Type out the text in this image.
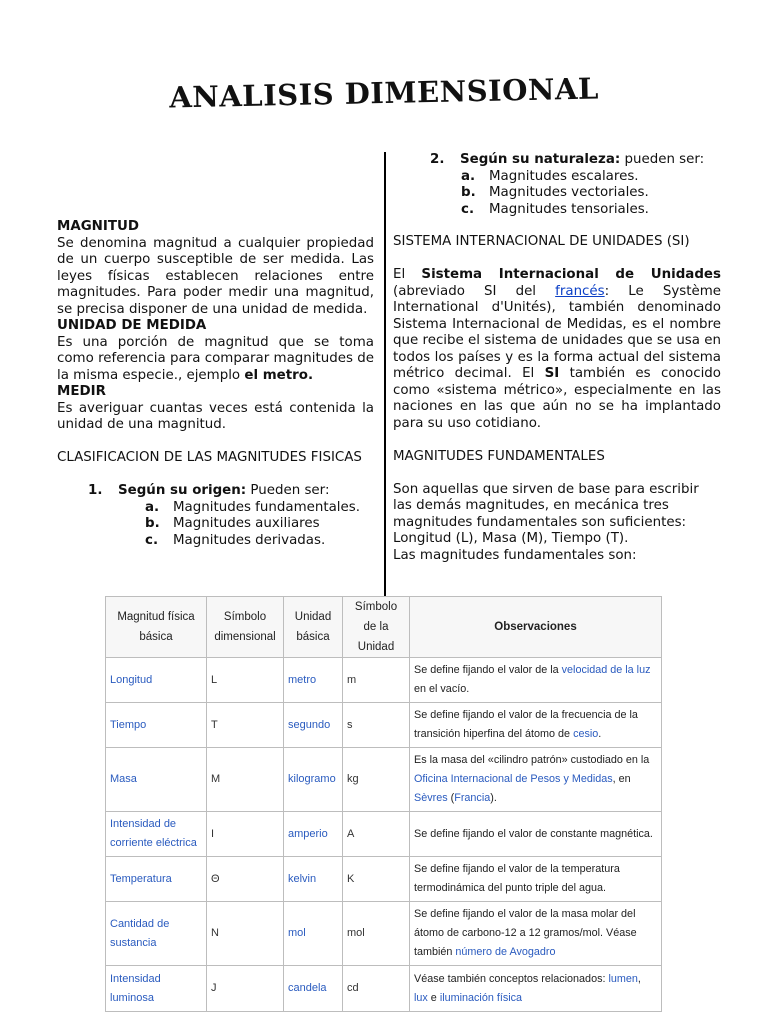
ANALISIS DIMENSIONAL
2.	Según su naturaleza: pueden ser:
a.	Magnitudes escalares.
b. Magnitudes vectoriales.
c.	Magnitudes tensoriales.

MAGNITUD

Se denomina magnitud a cualquier propiedad de un cuerpo susceptible de ser medida. Las leyes físicas establecen relaciones entre magnitudes. Para poder medir una magnitud, se precisa disponer de una unidad de medida.

UNIDAD DE MEDIDA

Es una porción de magnitud que se toma como referencia para comparar magnitudes de la misma especie., ejemplo el metro.

MEDIR

Es averiguar cuantas veces está contenida la unidad de una magnitud.

CLASIFICACION DE LAS MAGNITUDES FISICAS

1.	Según su origen: Pueden ser:
a.	Magnitudes fundamentales.
b. Magnitudes auxiliares
c.	Magnitudes derivadas.

SISTEMA INTERNACIONAL DE UNIDADES (SI)

El Sistema Internacional de Unidades (abreviado SI del francés: Le Système International d'Unités), también denominado Sistema Internacional de Medidas, es el nombre que recibe el sistema de unidades que se usa en todos los países y es la forma actual del sistema métrico decimal. El SI también es conocido como «sistema métrico», especialmente en las naciones en las que aún no se ha implantado para su uso cotidiano.

MAGNITUDES FUNDAMENTALES

Son aquellas que sirven de base para escribir las demás magnitudes, en mecánica tres magnitudes fundamentales son suficientes: Longitud (L), Masa (M), Tiempo (T).

Las magnitudes fundamentales son:

Magnitud física básica	Símbolo dimensional	Unidad básica	Símbolo de la Unidad	Observaciones
Longitud	L	metro	m	Se define fijando el valor de la velocidad de la luz en el vacío.
Tiempo	T	segundo	s	Se define fijando el valor de la frecuencia de la transición hiperfina del átomo de cesio.
Masa	M	kilogramo	kg	Es la masa del «cilindro patrón» custodiado en la Oficina Internacional de Pesos y Medidas, en Sèvres (Francia).
Intensidad de corriente eléctrica	I	amperio	A	Se define fijando el valor de constante magnética.
Temperatura	Θ	kelvin	K	Se define fijando el valor de la temperatura termodinámica del punto triple del agua.
Cantidad de sustancia	N	mol	mol	Se define fijando el valor de la masa molar del átomo de carbono-12 a 12 gramos/mol. Véase también número de Avogadro
Intensidad luminosa	J	candela	cd	Véase también conceptos relacionados: lumen, lux e iluminación física
